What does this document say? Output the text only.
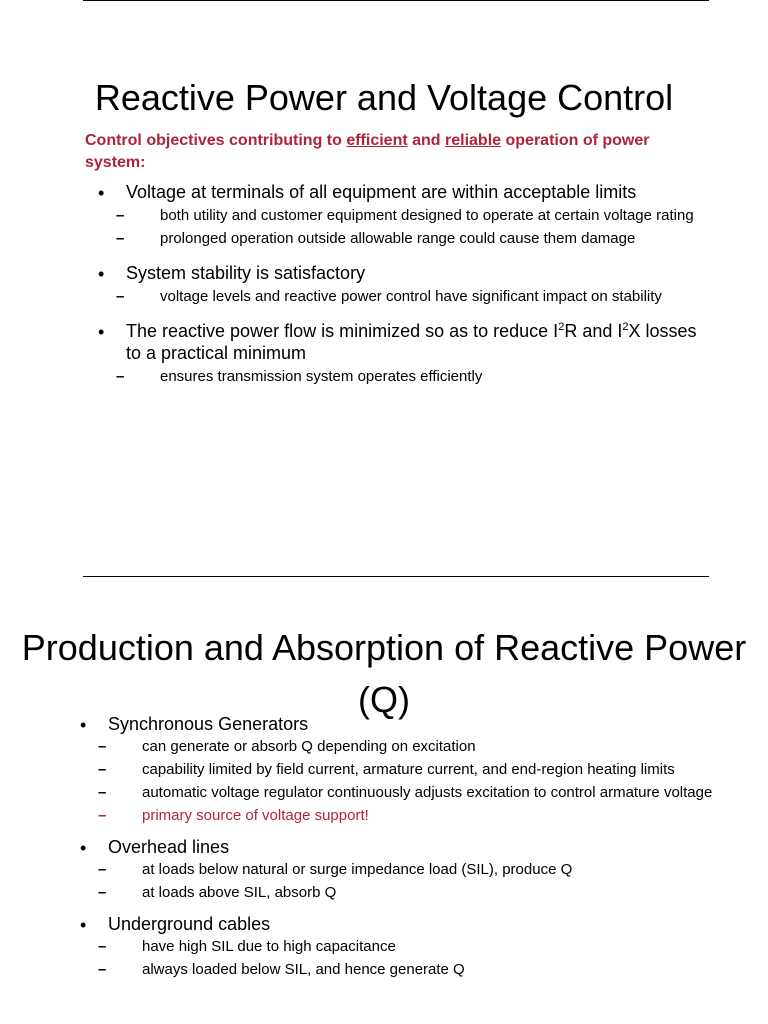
Reactive Power and Voltage Control
Control objectives contributing to efficient and reliable operation of power system:
• Voltage at terminals of all equipment are within acceptable limits
– both utility and customer equipment designed to operate at certain voltage rating
– prolonged operation outside allowable range could cause them damage
• System stability is satisfactory
– voltage levels and reactive power control have significant impact on stability
• The reactive power flow is minimized so as to reduce $I^2R$ and $I^2X$ losses to a practical minimum
– ensures transmission system operates efficiently
Production and Absorption of Reactive Power (Q)
• Synchronous Generators
– can generate or absorb Q depending on excitation
– capability limited by field current, armature current, and end-region heating limits
– automatic voltage regulator continuously adjusts excitation to control armature voltage
– primary source of voltage support!
• Overhead lines
– at loads below natural or surge impedance load (SIL), produce Q
– at loads above SIL, absorb Q
• Underground cables
– have high SIL due to high capacitance
– always loaded below SIL, and hence generate Q
